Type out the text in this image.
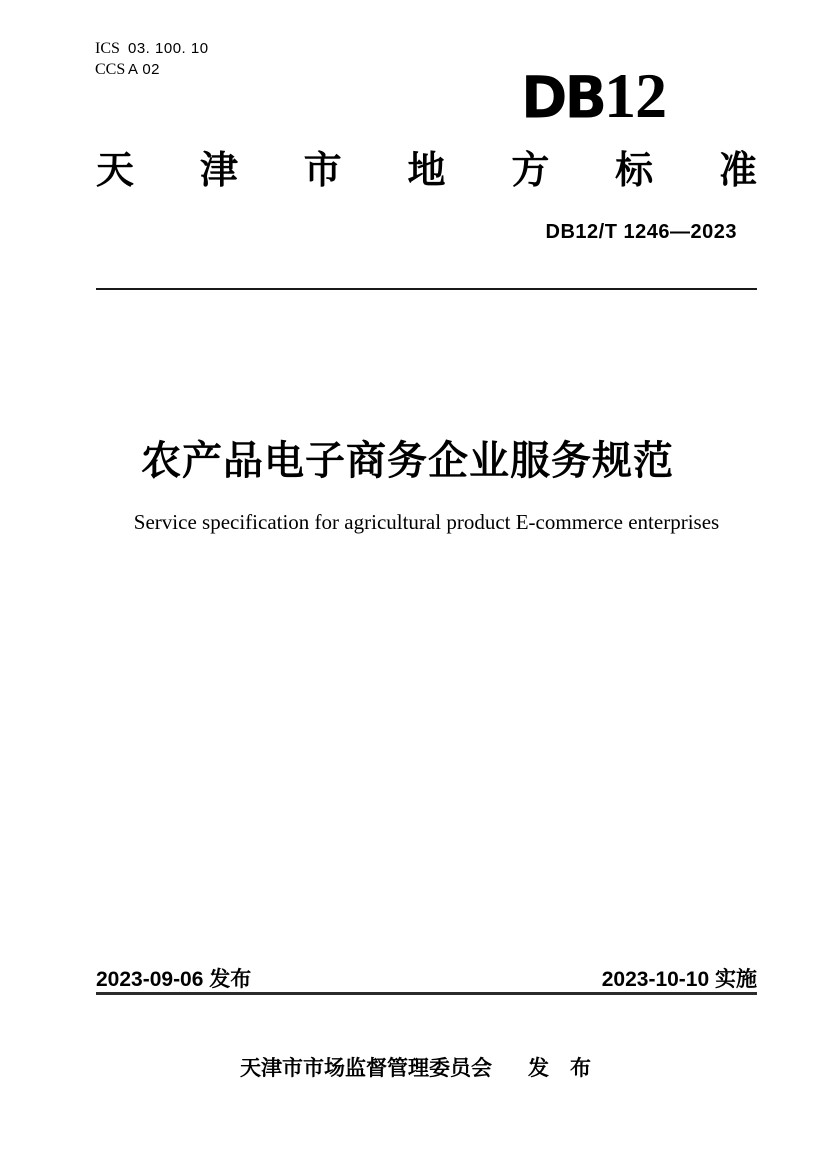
ICS 03. 100. 10
CCS A 02	DB12
天 津 市 地 方 标 准
DB12/T 1246—2023
农产品电子商务企业服务规范
Service specification for agricultural product E-commerce enterprises
2023-09-06 发布	2023-10-10 实施
天津市市场监督管理委员会 发　布
